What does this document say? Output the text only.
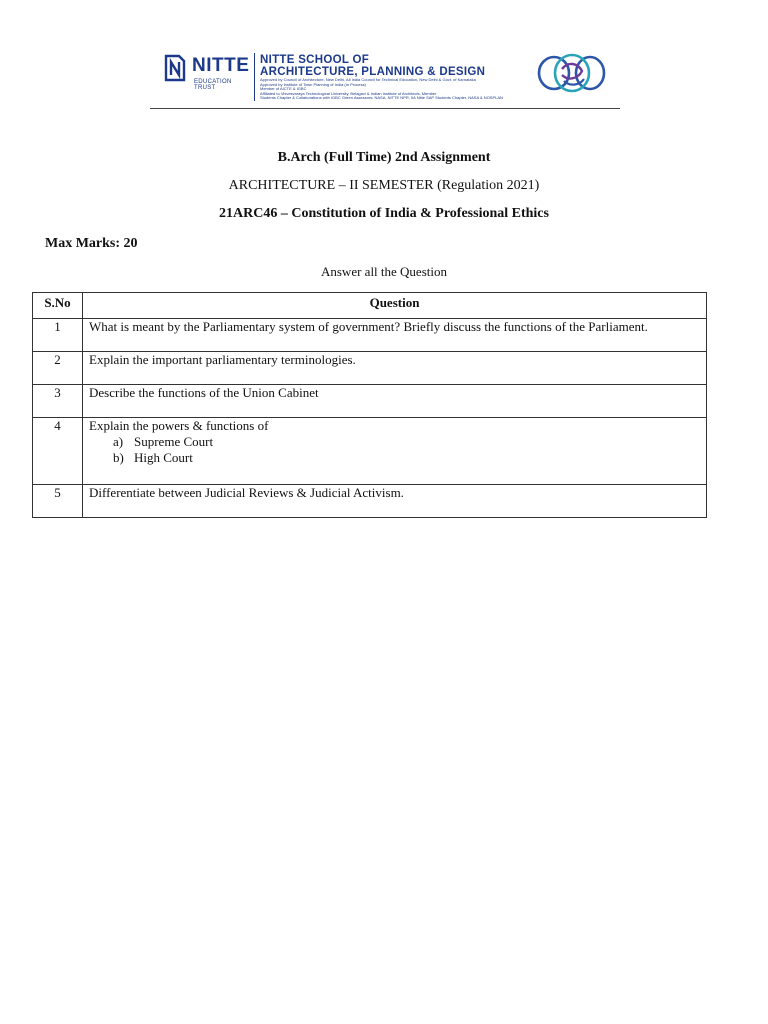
NITTE
EDUCATION TRUST
NITTE SCHOOL OF
ARCHITECTURE, PLANNING & DESIGN
Approved by Council of Architecture, New Delhi, All India Council for Technical Education, New Delhi & Govt. of Karnataka
Approved by Institute of Town Planning of India (In Process)
Member of AICTE & IGBC
Affiliated to Visvesvaraya Technological University, Belagavi & Indian Institute of Architects, Member
Students Chapter & Collaborations with IGBC Green Assessors: NASA, NITTE NPR, IIA Nitte SAP Students Chapter, NASA & NOSPLAN
B.Arch (Full Time) 2nd Assignment
ARCHITECTURE – II SEMESTER (Regulation 2021)
21ARC46 – Constitution of India & Professional Ethics
Max Marks: 20
Answer all the Question
S.No	Question
1	What is meant by the Parliamentary system of government? Briefly discuss the functions of the Parliament.
2	Explain the important parliamentary terminologies.
3	Describe the functions of the Union Cabinet
4	Explain the powers & functions of
a) Supreme Court
b) High Court

5	Differentiate between Judicial Reviews & Judicial Activism.
